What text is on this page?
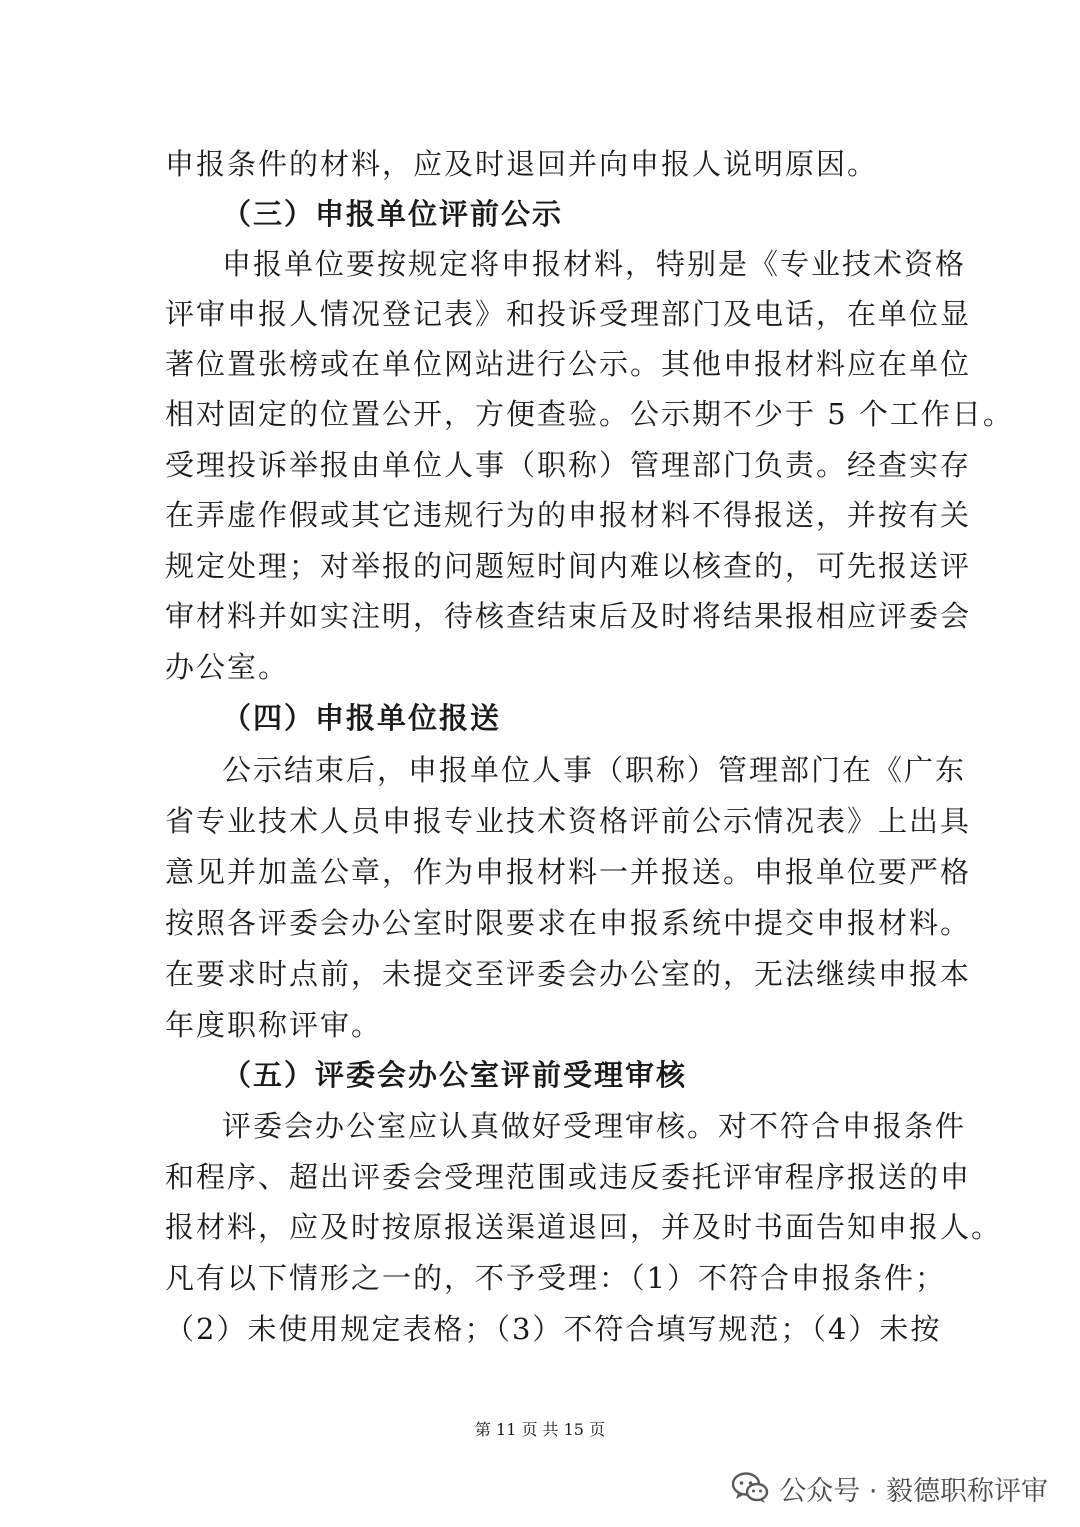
申报条件的材料，应及时退回并向申报人说明原因。
（三）申报单位评前公示
申报单位要按规定将申报材料，特别是《专业技术资格
评审申报人情况登记表》和投诉受理部门及电话，在单位显
著位置张榜或在单位网站进行公示。其他申报材料应在单位
相对固定的位置公开，方便查验。公示期不少于 5 个工作日。
受理投诉举报由单位人事（职称）管理部门负责。经查实存
在弄虚作假或其它违规行为的申报材料不得报送，并按有关
规定处理；对举报的问题短时间内难以核查的，可先报送评
审材料并如实注明，待核查结束后及时将结果报相应评委会
办公室。
（四）申报单位报送
公示结束后，申报单位人事（职称）管理部门在《广东
省专业技术人员申报专业技术资格评前公示情况表》上出具
意见并加盖公章，作为申报材料一并报送。申报单位要严格
按照各评委会办公室时限要求在申报系统中提交申报材料。
在要求时点前，未提交至评委会办公室的，无法继续申报本
年度职称评审。
（五）评委会办公室评前受理审核
评委会办公室应认真做好受理审核。对不符合申报条件
和程序、超出评委会受理范围或违反委托评审程序报送的申
报材料，应及时按原报送渠道退回，并及时书面告知申报人。
凡有以下情形之一的，不予受理：（1）不符合申报条件；
（2）未使用规定表格；（3）不符合填写规范；（4）未按
第 11 页 共 15 页
公众号 · 毅德职称评审
